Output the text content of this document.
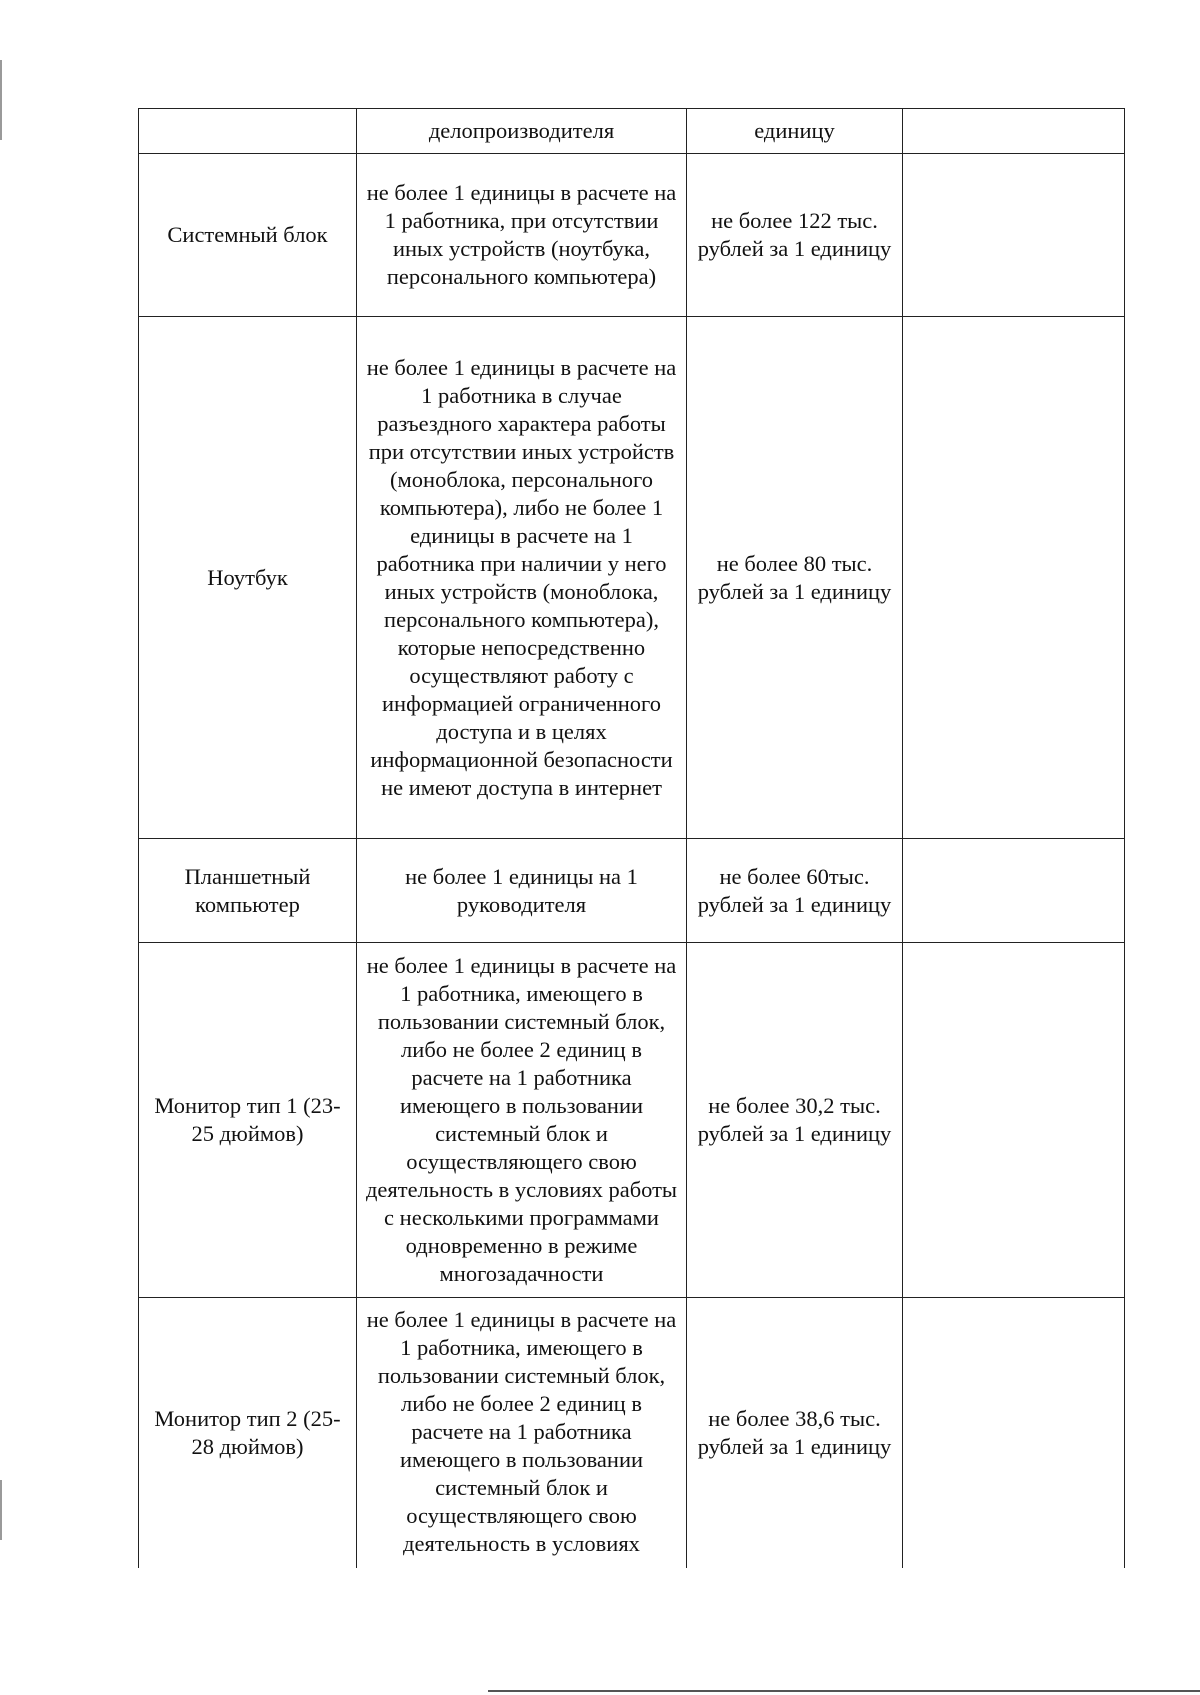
	делопроизводителя	единицу	
Системный блок	не более 1 единицы в расчете на 1 работника, при отсутствии иных устройств (ноутбука, персонального компьютера)	не более 122 тыс. рублей за 1 единицу	
Ноутбук	не более 1 единицы в расчете на 1 работника в случае разъездного характера работы при отсутствии иных устройств (моноблока, персонального компьютера), либо не более 1 единицы в расчете на 1 работника при наличии у него иных устройств (моноблока, персонального компьютера), которые непосредственно осуществляют работу с информацией ограниченного доступа и в целях информационной безопасности не имеют доступа в интернет	не более 80 тыс. рублей за 1 единицу	
Планшетный компьютер	не более 1 единицы на 1 руководителя	не более 60тыс. рублей за 1 единицу	
Монитор тип 1 (23-25 дюймов)	не более 1 единицы в расчете на 1 работника, имеющего в пользовании системный блок, либо не более 2 единиц в расчете на 1 работника имеющего в пользовании системный блок и осуществляющего свою деятельность в условиях работы с несколькими программами одновременно в режиме многозадачности	не более 30,2 тыс. рублей за 1 единицу	
Монитор тип 2 (25-28 дюймов)	не более 1 единицы в расчете на 1 работника, имеющего в пользовании системный блок, либо не более 2 единиц в расчете на 1 работника имеющего в пользовании системный блок и осуществляющего свою деятельность в условиях	не более 38,6 тыс. рублей за 1 единицу	
